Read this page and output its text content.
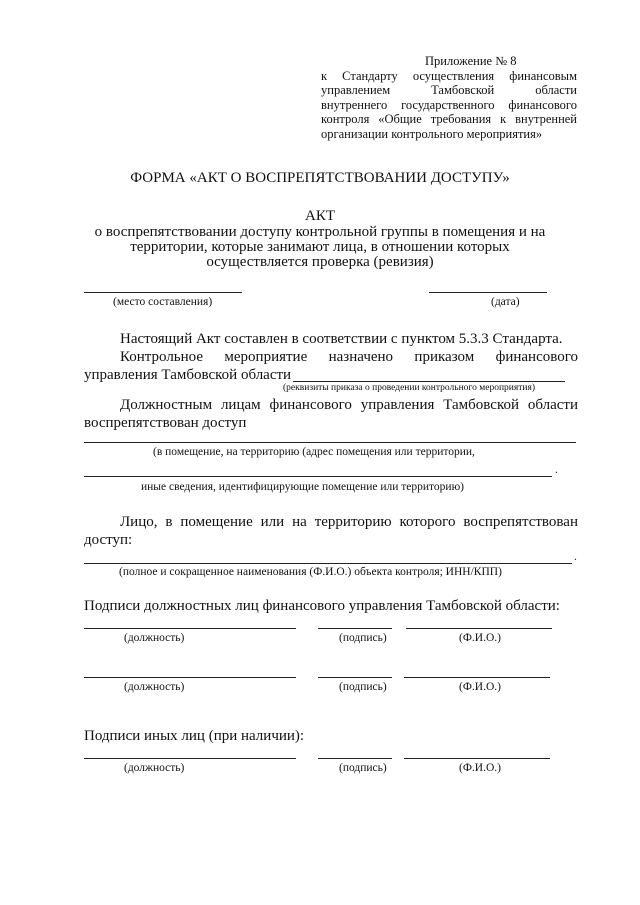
Приложение № 8
к Стандарту осуществления финансовым
управлением Тамбовской области
внутреннего государственного финансового
контроля «Общие требования к внутренней
организации контрольного мероприятия»
ФОРМА «АКТ О ВОСПРЕПЯТСТВОВАНИИ ДОСТУПУ»
АКТ
о воспрепятствовании доступу контрольной группы в помещения и на
территории, которые занимают лица, в отношении которых
осуществляется проверка (ревизия)
(место составления)	(дата)
Настоящий Акт составлен в соответствии с пунктом 5.3.3 Стандарта.
Контрольное мероприятие назначено приказом финансового
управления Тамбовской области
(реквизиты приказа о проведении контрольного мероприятия)
Должностным лицам финансового управления Тамбовской области
воспрепятствован доступ
(в помещение, на территорию (адрес помещения или территории,
.
иные сведения, идентифицирующие помещение или территорию)
Лицо, в помещение или на территорию которого воспрепятствован
доступ:
.
(полное и сокращенное наименования (Ф.И.О.) объекта контроля; ИНН/КПП)
Подписи должностных лиц финансового управления Тамбовской области:
(должность)	(подпись)	(Ф.И.О.)
(должность)	(подпись)	(Ф.И.О.)
Подписи иных лиц (при наличии):
(должность)	(подпись)	(Ф.И.О.)
